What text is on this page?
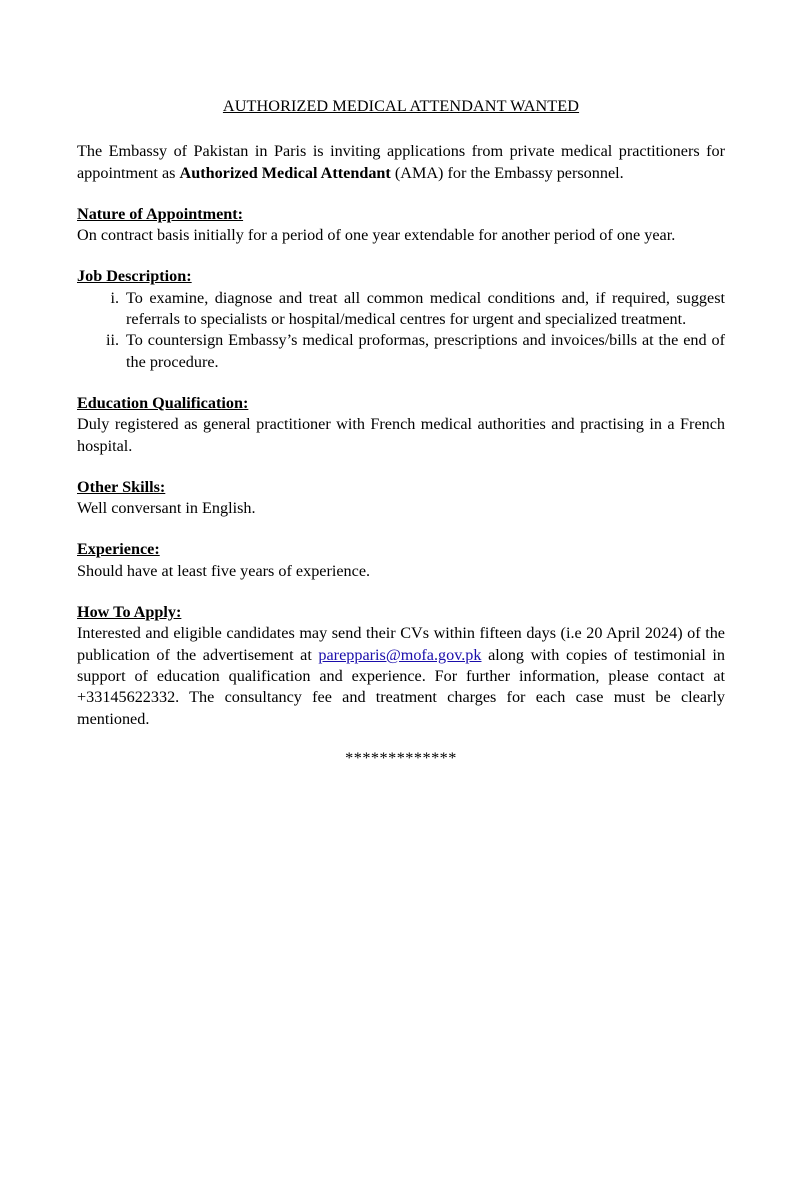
AUTHORIZED MEDICAL ATTENDANT WANTED

The Embassy of Pakistan in Paris is inviting applications from private medical practitioners for appointment as Authorized Medical Attendant (AMA) for the Embassy personnel.

Nature of Appointment:

On contract basis initially for a period of one year extendable for another period of one year.

Job Description:
i. To examine, diagnose and treat all common medical conditions and, if required, suggest referrals to specialists or hospital/medical centres for urgent and specialized treatment.
ii. To countersign Embassy’s medical proformas, prescriptions and invoices/bills at the end of the procedure.
Education Qualification:

Duly registered as general practitioner with French medical authorities and practising in a French hospital.

Other Skills:

Well conversant in English.

Experience:

Should have at least five years of experience.

How To Apply:

Interested and eligible candidates may send their CVs within fifteen days (i.e 20 April 2024) of the publication of the advertisement at parepparis@mofa.gov.pk along with copies of testimonial in support of education qualification and experience. For further information, please contact at +33145622332. The consultancy fee and treatment charges for each case must be clearly mentioned.

*************
